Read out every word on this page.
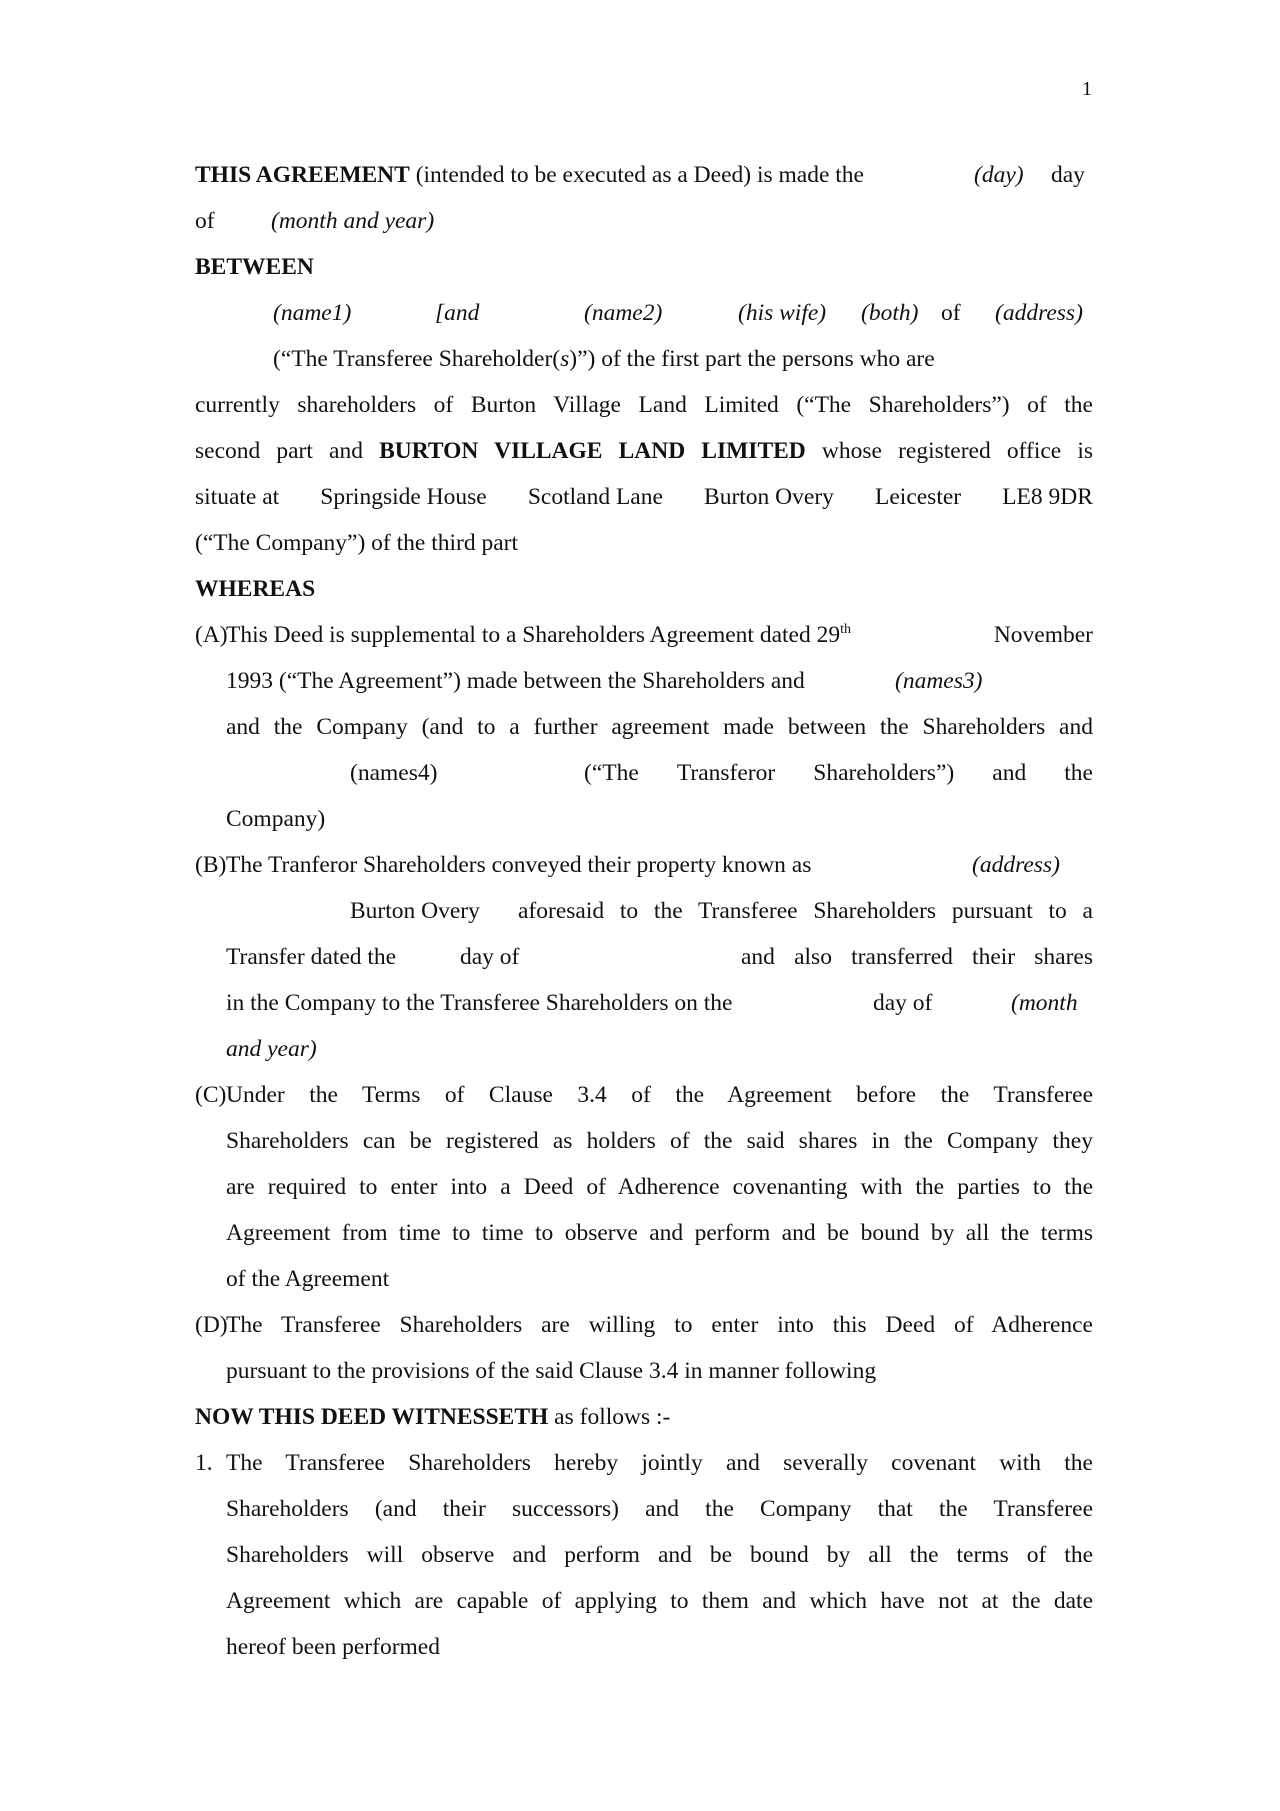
1
THIS AGREEMENT (intended to be executed as a Deed) is made the	(day) day
of (month and year)
BETWEEN
(name1)	[and	(name2)	(his wife) (both) of (address)
(“The Transferee Shareholder(s)”) of the first part the persons who are
currently shareholders of Burton Village Land Limited (“The Shareholders”) of the
second part and BURTON VILLAGE LAND LIMITED whose registered office is
situate at Springside House Scotland Lane Burton Overy Leicester LE8 9DR
(“The Company”) of the third part
WHEREAS
(A)
This Deed is supplemental to a Shareholders Agreement dated 29th	November
1993 (“The Agreement”) made between the Shareholders and	(names3)
and the Company (and to a further agreement made between the Shareholders and
(names4)	(“The Transferor Shareholders”) and the
Company)
(B) The Tranferor Shareholders conveyed their property known as	(address)
Burton Overy aforesaid to the Transferee Shareholders pursuant to a
Transfer dated the	day of	and also transferred their shares
in the Company to the Transferee Shareholders on the	day of	(month
and year)
(C) Under the Terms of Clause 3.4 of the Agreement before the Transferee
Shareholders can be registered as holders of the said shares in the Company they
are required to enter into a Deed of Adherence covenanting with the parties to the
Agreement from time to time to observe and perform and be bound by all the terms
of the Agreement
(D)
The Transferee Shareholders are willing to enter into this Deed of Adherence
pursuant to the provisions of the said Clause 3.4 in manner following
NOW THIS DEED WITNESSETH as follows :-
1. The Transferee Shareholders hereby jointly and severally covenant with the
Shareholders (and their successors) and the Company that the Transferee
Shareholders will observe and perform and be bound by all the terms of the
Agreement which are capable of applying to them and which have not at the date
hereof been performed
